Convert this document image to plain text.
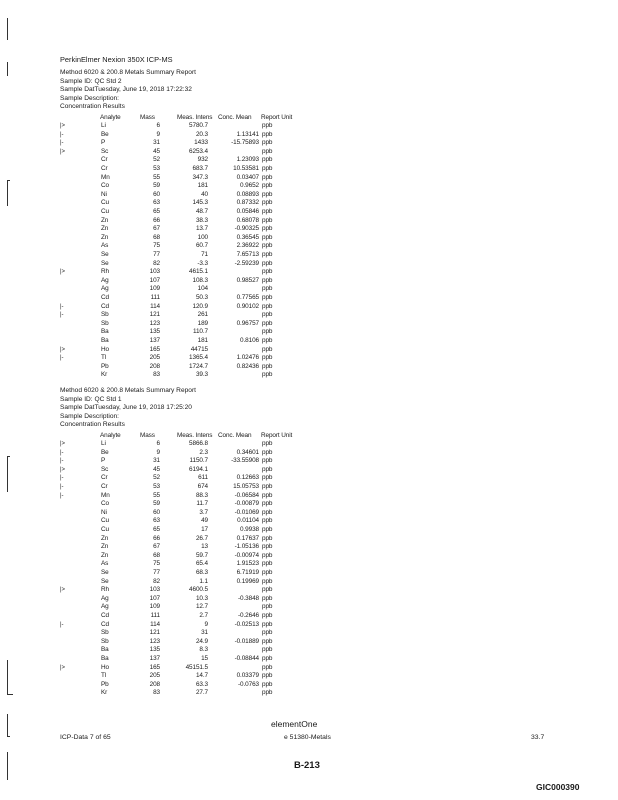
PerkinElmer Nexion 350X ICP-MS
Method 6020 & 200.8 Metals Summary Report
Sample ID: QC Std 2
Sample DatTuesday, June 19, 2018 17:22:32
Sample Description:
Concentration Results
Analyte	Mass	Meas. Intens Conc. Mean Report Unit
|>	Li	6	5780.7	ppb
|-	Be	9	20.3	1.13141 ppb
|-	P	31	1433	-15.75893 ppb
|>	Sc	45	6253.4	ppb
Cr	52	932	1.23093 ppb
Cr	53	683.7	10.53581 ppb
Mn	55	347.3	0.03407 ppb
Co	59	181	0.9652 ppb
Ni	60	40	0.08893 ppb
Cu	63	145.3	0.87332 ppb
Cu	65	48.7	0.05846 ppb
Zn	66	38.3	0.68078 ppb
Zn	67	13.7	-0.90325 ppb
Zn	68	100	0.36545 ppb
As	75	60.7	2.36922 ppb
Se	77	71	7.65713 ppb
Se	82	-3.3	-2.59239 ppb
|>	Rh	103	4615.1	ppb
Ag	107	108.3	0.98527 ppb
Ag	109	104	ppb
Cd	111	50.3	0.77565 ppb
|-	Cd	114	120.9	0.90102 ppb
|-	Sb	121	261	ppb
Sb	123	189	0.96757 ppb
Ba	135	110.7	ppb
Ba	137	181	0.8106 ppb
|>	Ho	165	44715	ppb
|-	Tl	205	1365.4	1.02476 ppb
Pb	208	1724.7	0.82436 ppb
Kr	83	39.3	ppb
Method 6020 & 200.8 Metals Summary Report
Sample ID: QC Std 1
Sample DatTuesday, June 19, 2018 17:25:20
Sample Description:
Concentration Results
Analyte	Mass	Meas. Intens Conc. Mean Report Unit
|>	Li	6	5866.8	ppb
|-	Be	9	2.3	0.34601 ppb
|-	P	31	1150.7	-33.55908 ppb
|>	Sc	45	6194.1	ppb
|-	Cr	52	611	0.12663 ppb
|-	Cr	53	674	15.05753 ppb
|-	Mn	55	88.3	-0.06584 ppb
Co	59	11.7	-0.00879 ppb
Ni	60	3.7	-0.01069 ppb
Cu	63	49	0.01104 ppb
Cu	65	17	0.9938 ppb
Zn	66	26.7	0.17637 ppb
Zn	67	13	-1.05136 ppb
Zn	68	59.7	-0.00974 ppb
As	75	65.4	1.91523 ppb
Se	77	68.3	6.71919 ppb
Se	82	1.1	0.19969 ppb
|>	Rh	103	4600.5	ppb
Ag	107	10.3	-0.3848 ppb
Ag	109	12.7	ppb
Cd	111	2.7	-0.2646 ppb
|-	Cd	114	9	-0.02513 ppb
Sb	121	31	ppb
Sb	123	24.9	-0.01889 ppb
Ba	135	8.3	ppb
Ba	137	15	-0.08844 ppb
|>	Ho	165	45151.5	ppb
Tl	205	14.7	0.03379 ppb
Pb	208	63.3	-0.0763 ppb
Kr	83	27.7	ppb
elementOne
ICP-Data 7 of 65	e 51380-Metals	33.7
B-213
GIC000390
